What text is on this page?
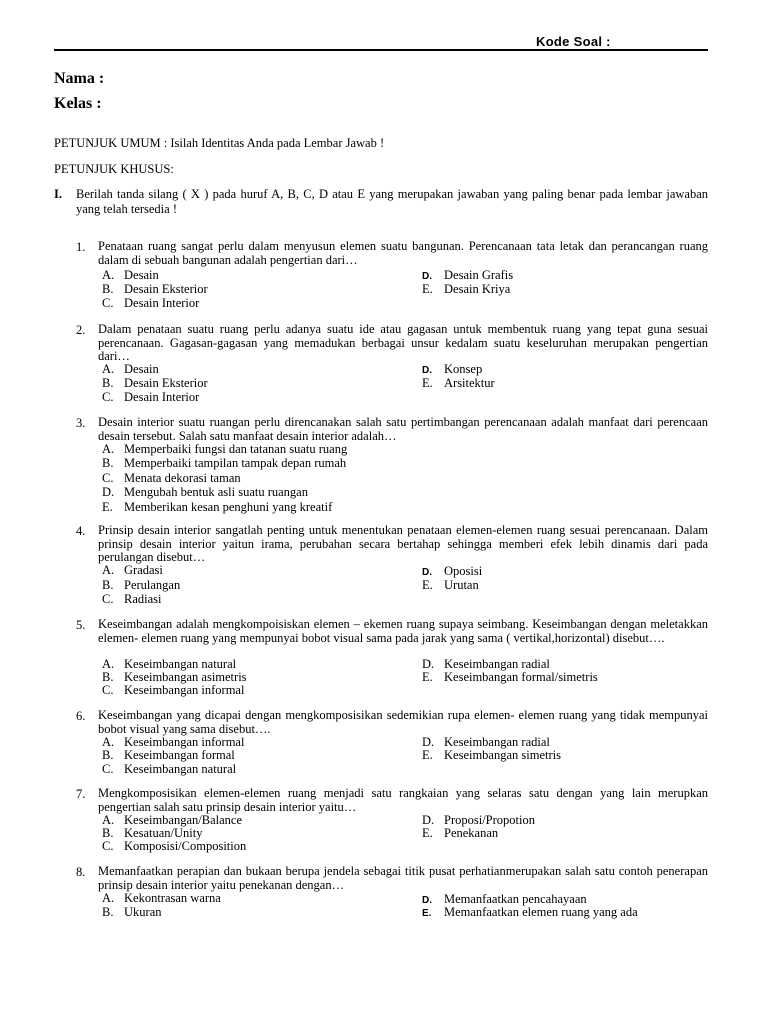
Kode Soal :
Nama :
Kelas :
PETUNJUK UMUM : Isilah Identitas Anda pada Lembar Jawab !
PETUNJUK KHUSUS:
I. Berilah tanda silang ( X ) pada huruf A, B, C, D atau E yang merupakan jawaban yang paling benar pada lembar jawaban yang telah tersedia !
1. Penataan ruang sangat perlu dalam menyusun elemen suatu bangunan. Perencanaan tata letak dan perancangan ruang dalam di sebuah bangunan adalah pengertian dari…
A. Desain
B. Desain Eksterior
C. Desain Interior
D. Desain Grafis
E. Desain Kriya
2. Dalam penataan suatu ruang perlu adanya suatu ide atau gagasan untuk membentuk ruang yang tepat guna sesuai perencanaan. Gagasan-gagasan yang memadukan berbagai unsur kedalam suatu keseluruhan merupakan pengertian dari…
A. Desain
B. Desain Eksterior
C. Desain Interior
D. Konsep
E. Arsitektur
3. Desain interior suatu ruangan perlu direncanakan salah satu pertimbangan perencanaan adalah manfaat dari perencaan desain tersebut. Salah satu manfaat desain interior adalah…
A. Memperbaiki fungsi dan tatanan suatu ruang
B. Memperbaiki tampilan tampak depan rumah
C. Menata dekorasi taman
D. Mengubah bentuk asli suatu ruangan
E. Memberikan kesan penghuni yang kreatif
4. Prinsip desain interior sangatlah penting untuk menentukan penataan elemen-elemen ruang sesuai perencanaan. Dalam prinsip desain interior yaitun irama, perubahan secara bertahap sehingga memberi efek lebih dinamis dari pada perulangan disebut…
A. Gradasi
B. Perulangan
C. Radiasi
D. Oposisi
E. Urutan
5. Keseimbangan adalah mengkompoisiskan elemen – ekemen ruang supaya seimbang. Keseimbangan dengan meletakkan elemen- elemen ruang yang mempunyai bobot visual sama pada jarak yang sama ( vertikal,horizontal) disebut….
A. Keseimbangan natural
B. Keseimbangan asimetris
C. Keseimbangan informal
D. Keseimbangan radial
E. Keseimbangan formal/simetris
6. Keseimbangan yang dicapai dengan mengkomposisikan sedemikian rupa elemen- elemen ruang yang tidak mempunyai bobot visual yang sama disebut….
A. Keseimbangan informal
B. Keseimbangan formal
C. Keseimbangan natural
D. Keseimbangan radial
E. Keseimbangan simetris
7. Mengkomposisikan elemen-elemen ruang menjadi satu rangkaian yang selaras satu dengan yang lain merupkan pengertian salah satu prinsip desain interior yaitu…
A. Keseimbangan/Balance
B. Kesatuan/Unity
C. Komposisi/Composition
D. Proposi/Propotion
E. Penekanan
8. Memanfaatkan perapian dan bukaan berupa jendela sebagai titik pusat perhatianmerupakan salah satu contoh penerapan prinsip desain interior yaitu penekanan dengan…
A. Kekontrasan warna
B. Ukuran
D. Memanfaatkan pencahayaan
E. Memanfaatkan elemen ruang yang ada
